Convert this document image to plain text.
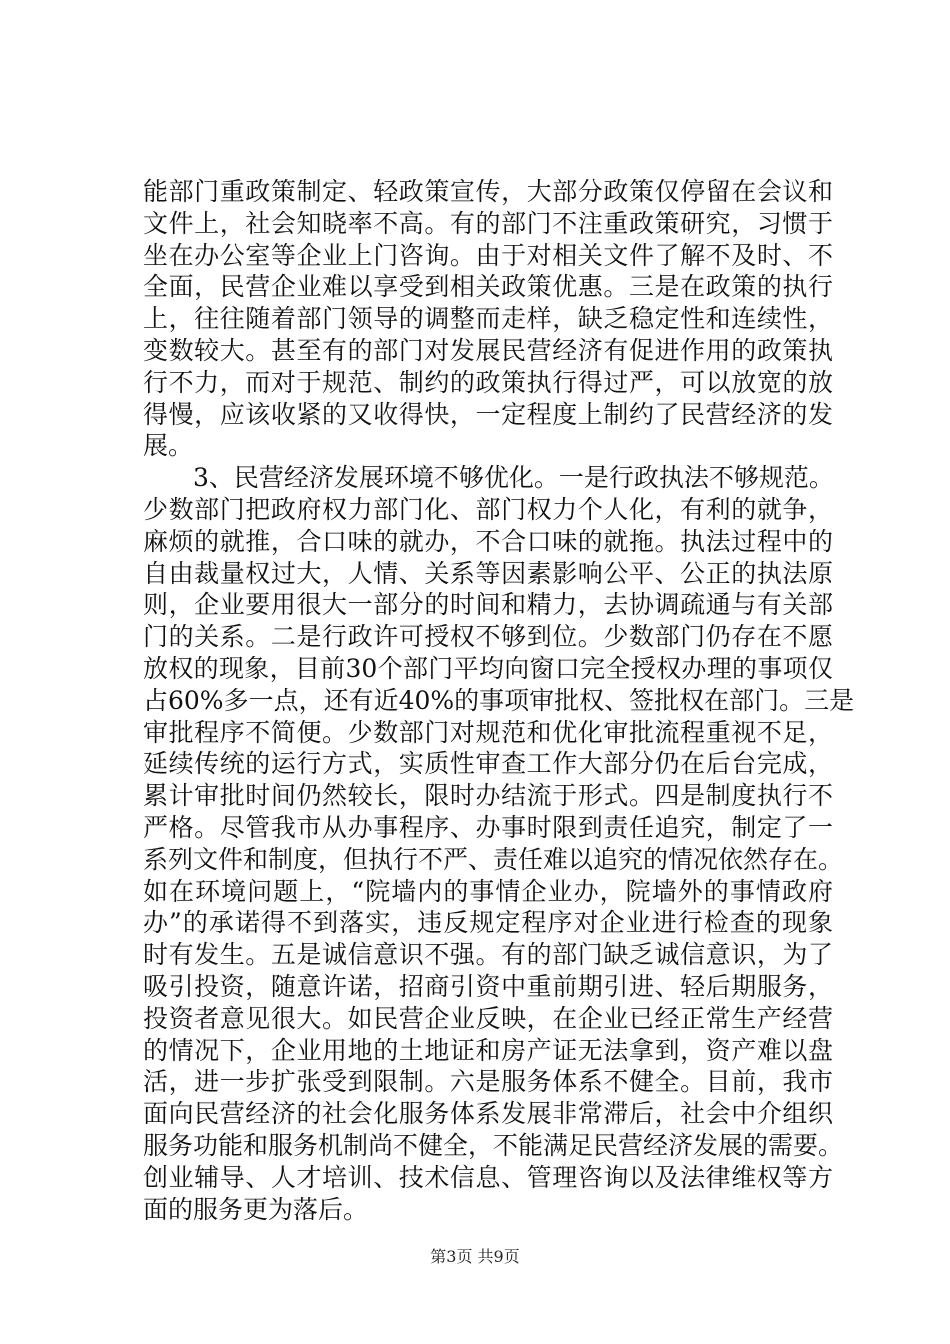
能部门重政策制定、轻政策宣传，大部分政策仅停留在会议和
文件上，社会知晓率不高。有的部门不注重政策研究，习惯于
坐在办公室等企业上门咨询。由于对相关文件了解不及时、不
全面，民营企业难以享受到相关政策优惠。三是在政策的执行
上，往往随着部门领导的调整而走样，缺乏稳定性和连续性，
变数较大。甚至有的部门对发展民营经济有促进作用的政策执
行不力，而对于规范、制约的政策执行得过严，可以放宽的放
得慢，应该收紧的又收得快，一定程度上制约了民营经济的发
展。
　　3、民营经济发展环境不够优化。一是行政执法不够规范。
少数部门把政府权力部门化、部门权力个人化，有利的就争，
麻烦的就推，合口味的就办，不合口味的就拖。执法过程中的
自由裁量权过大，人情、关系等因素影响公平、公正的执法原
则，企业要用很大一部分的时间和精力，去协调疏通与有关部
门的关系。二是行政许可授权不够到位。少数部门仍存在不愿
放权的现象，目前30个部门平均向窗口完全授权办理的事项仅
占60%多一点，还有近40%的事项审批权、签批权在部门。三是
审批程序不简便。少数部门对规范和优化审批流程重视不足，
延续传统的运行方式，实质性审查工作大部分仍在后台完成，
累计审批时间仍然较长，限时办结流于形式。四是制度执行不
严格。尽管我市从办事程序、办事时限到责任追究，制定了一
系列文件和制度，但执行不严、责任难以追究的情况依然存在。
如在环境问题上，“院墙内的事情企业办，院墙外的事情政府
办”的承诺得不到落实，违反规定程序对企业进行检查的现象
时有发生。五是诚信意识不强。有的部门缺乏诚信意识，为了
吸引投资，随意许诺，招商引资中重前期引进、轻后期服务，
投资者意见很大。如民营企业反映，在企业已经正常生产经营
的情况下，企业用地的土地证和房产证无法拿到，资产难以盘
活，进一步扩张受到限制。六是服务体系不健全。目前，我市
面向民营经济的社会化服务体系发展非常滞后，社会中介组织
服务功能和服务机制尚不健全，不能满足民营经济发展的需要。
创业辅导、人才培训、技术信息、管理咨询以及法律维权等方
面的服务更为落后。
第3页 共9页
